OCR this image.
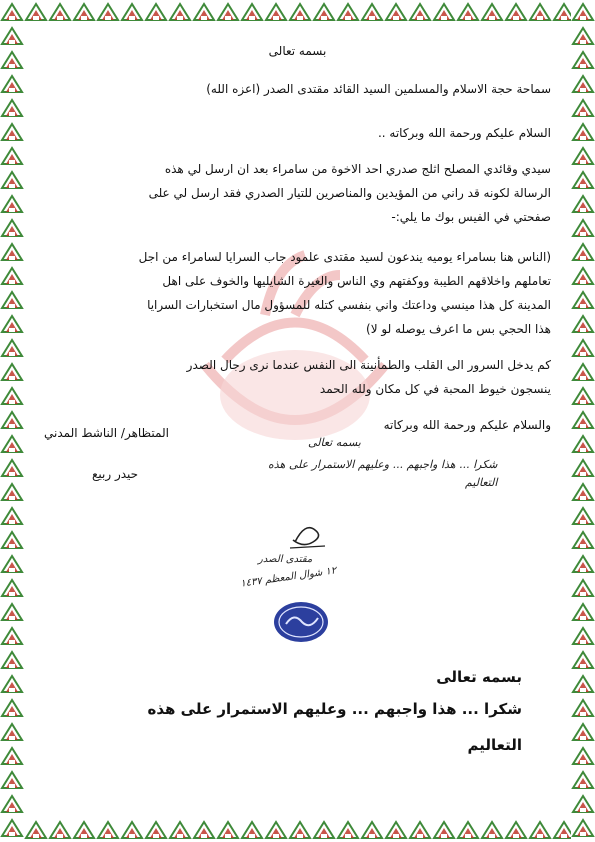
بسمه تعالى
سماحة حجة الاسلام والمسلمين السيد القائد مقتدى الصدر (اعزه الله)
السلام عليكم ورحمة الله وبركاته ..
سيدي وقائدي المصلح اثلج صدري احد الاخوة من سامراء بعد ان ارسل لي هذه
الرسالة لكونه قد راني من المؤيدين والمناصرين للتيار الصدري فقد ارسل لي على
صفحتي في الفيس بوك ما يلي:-
(الناس هنا بسامراء يوميه يندعون لسيد مقتدى علمود جاب السرايا لسامراء من اجل
تعاملهم واخلاقهم الطيبة ووكفتهم وي الناس والغيرة الشايليها والخوف على اهل
المدينة كل هذا مينسي وداعتك واني بنفسي كتله للمسؤول مال استخبارات السرايا
هذا الحجي بس ما اعرف يوصله لو لا)
كم يدخل السرور الى القلب والطمأنينة الى النفس عندما نرى رجال الصدر
ينسجون خيوط المحبة في كل مكان ولله الحمد
والسلام عليكم ورحمة الله وبركاته
المتظاهر/ الناشط المدني
حيدر ربيع
بسمه تعالى
شكرا ... هذا واجبهم ... وعليهم الاستمرار على هذه
التعاليم
مقتدى الصدر
١٢ شوال المعظم ١٤٣٧
بسمه تعالى
شكرا ... هذا واجبهم ... وعليهم الاستمرار على هذه
التعاليم
